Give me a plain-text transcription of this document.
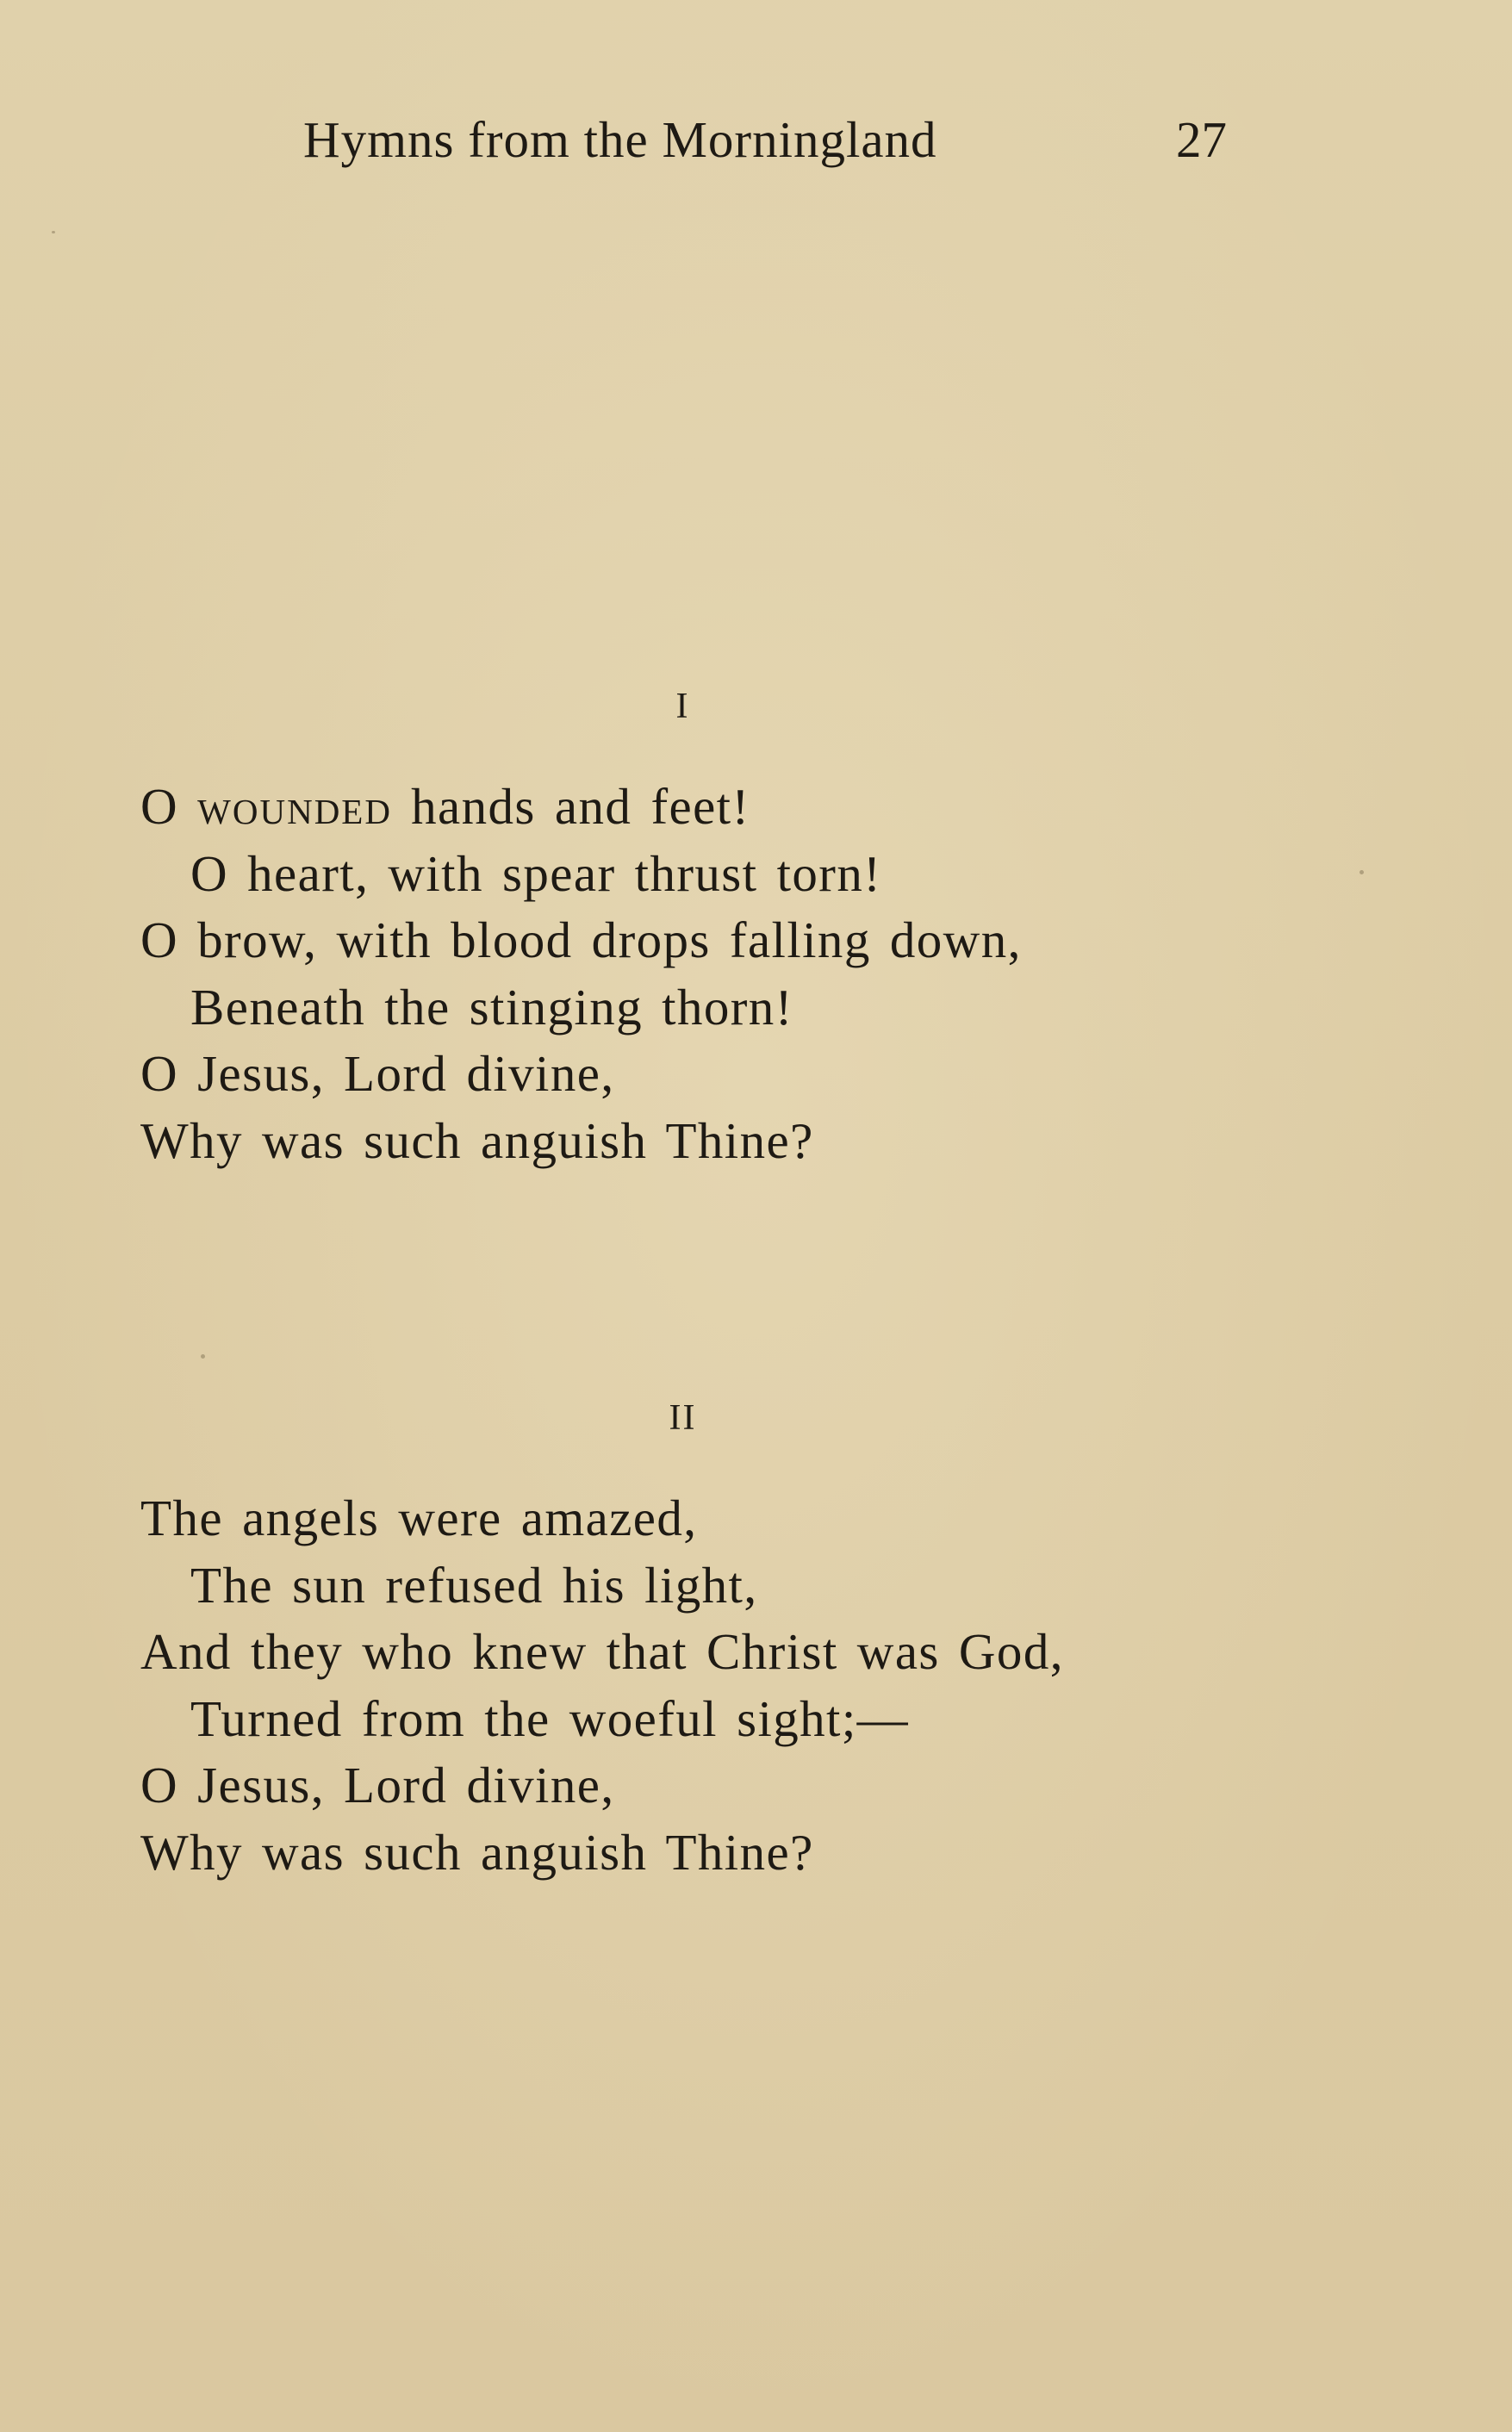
Hymns from the Morningland	27
I
O wounded hands and feet!
O heart, with spear thrust torn!
O brow, with blood drops falling down,
Beneath the stinging thorn!
O Jesus, Lord divine,
Why was such anguish Thine?
II
The angels were amazed,
The sun refused his light,
And they who knew that Christ was God,
Turned from the woeful sight;—
O Jesus, Lord divine,
Why was such anguish Thine?
